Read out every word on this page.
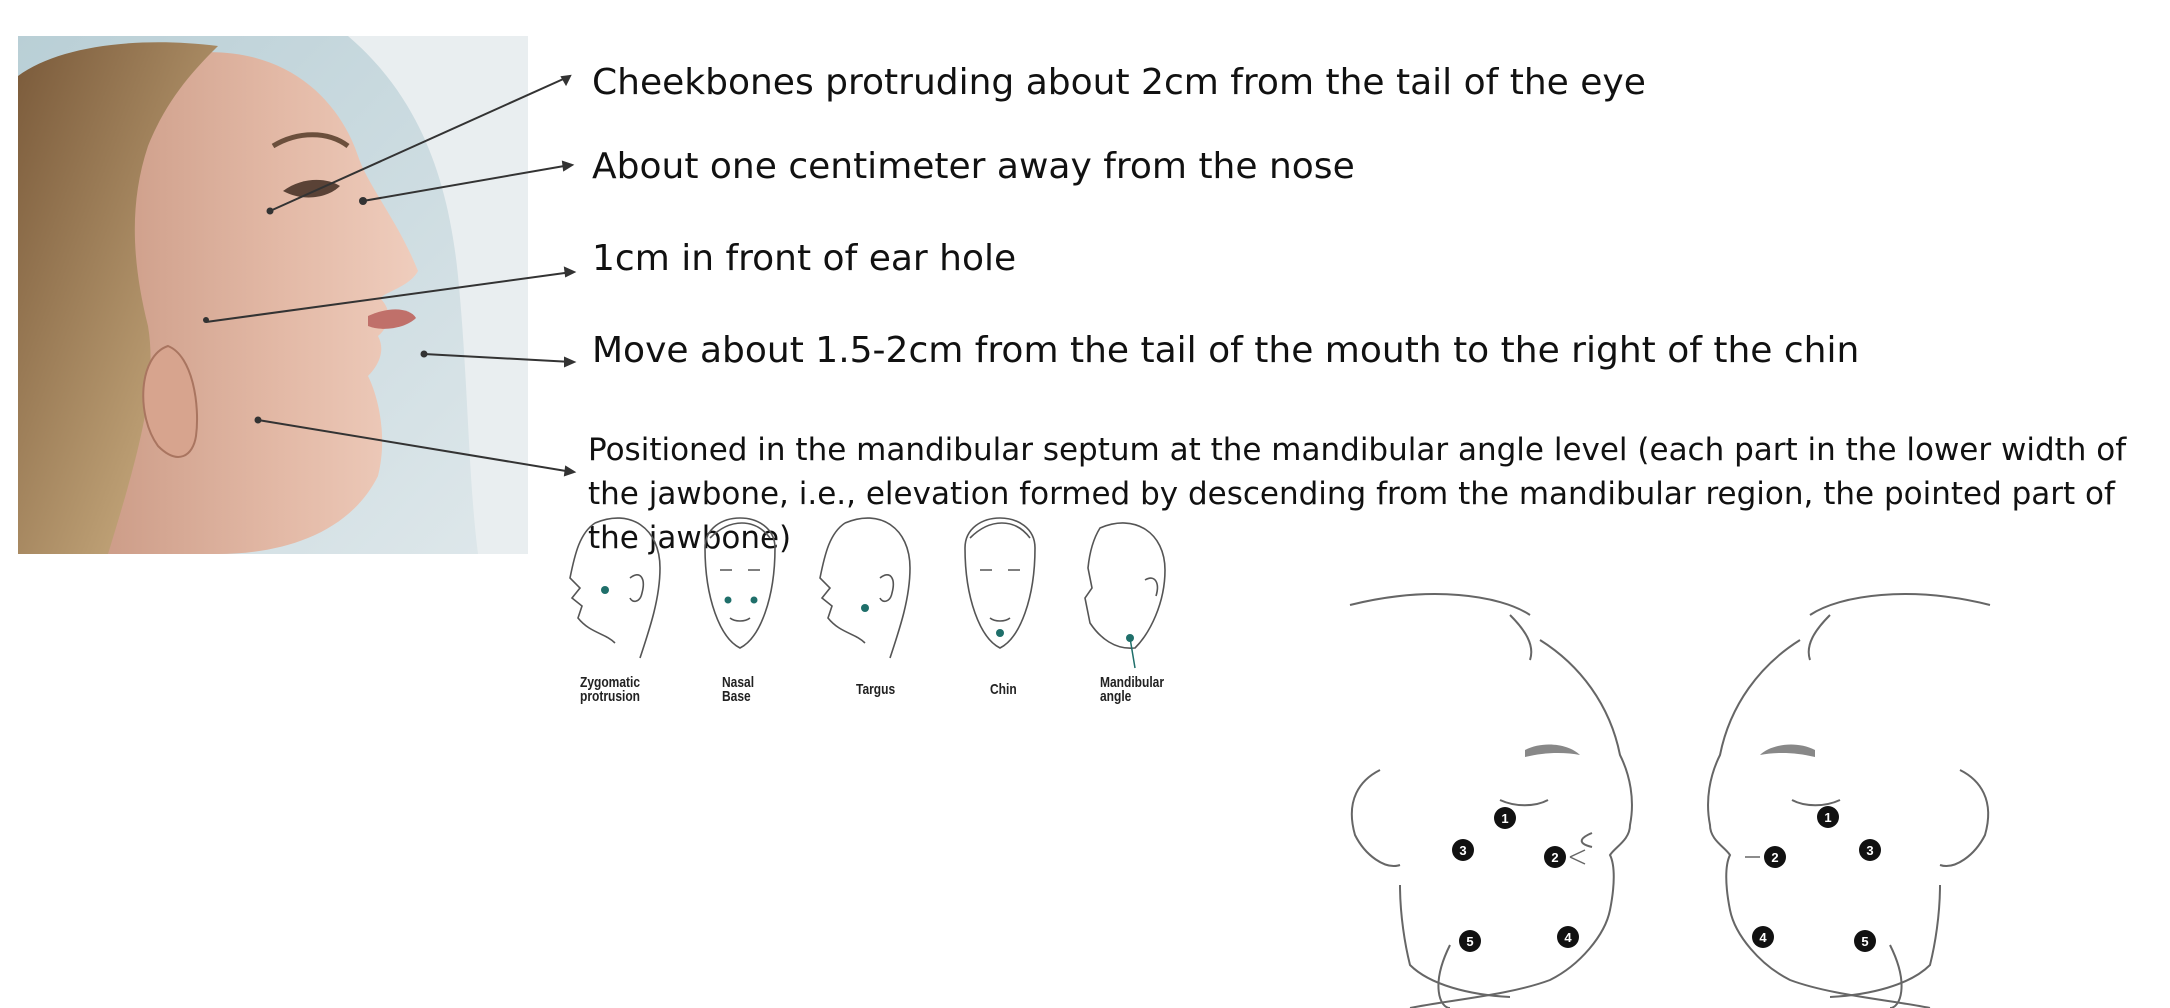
Cheekbones protruding about 2cm from the tail of the eye
About one centimeter away from the nose
1cm in front of ear hole
Move about 1.5-2cm from the tail of the mouth to the right of the chin
Positioned in the mandibular septum at the mandibular angle level (each part in the lower width of the jawbone, i.e., elevation formed by descending from the mandibular region, the pointed part of the jawbone)
Zygomatic
protrusion
Nasal
Base	Targus	Chin	Mandibular
angle
1
2
3
4
5
1
2	3
4	5
